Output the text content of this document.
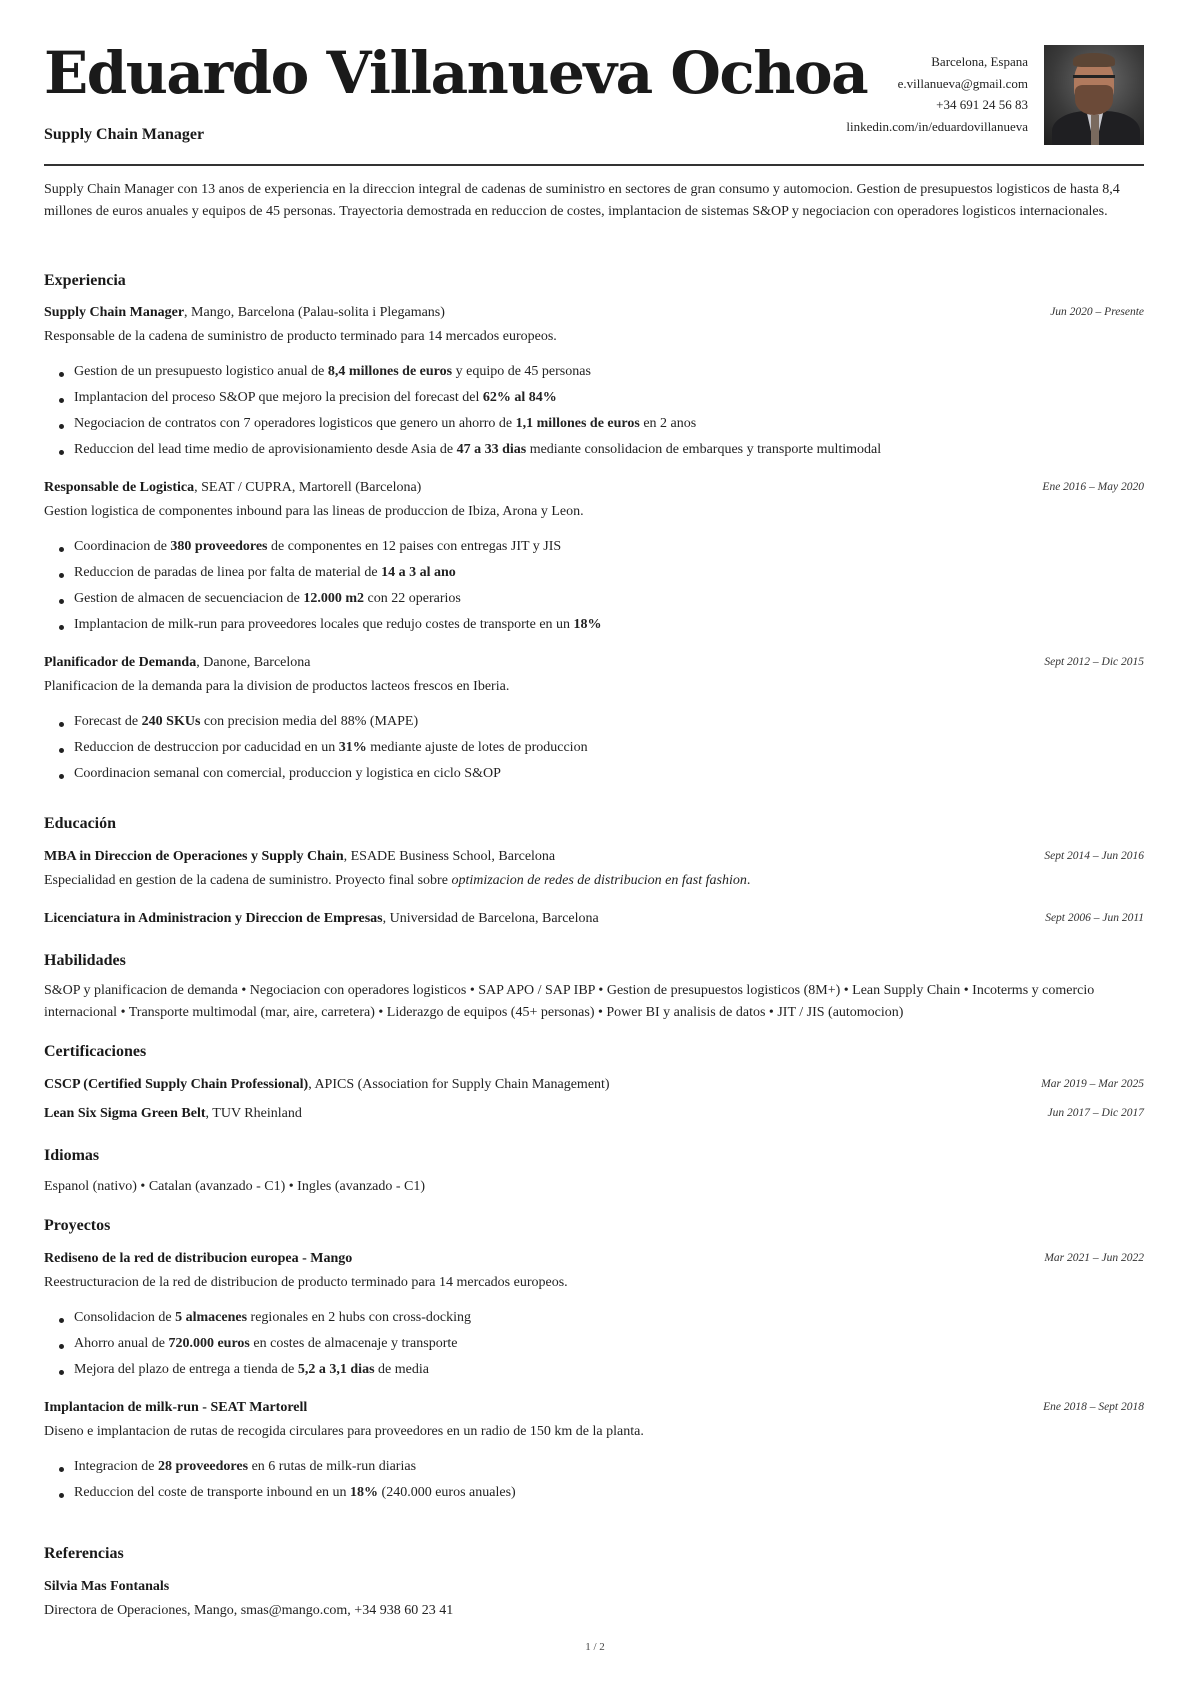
Eduardo Villanueva Ochoa
Supply Chain Manager
Barcelona, Espana
e.villanueva@gmail.com
+34 691 24 56 83
linkedin.com/in/eduardovillanueva
Supply Chain Manager con 13 anos de experiencia en la direccion integral de cadenas de suministro en sectores de gran consumo y automocion. Gestion de presupuestos logisticos de hasta 8,4 millones de euros anuales y equipos de 45 personas. Trayectoria demostrada en reduccion de costes, implantacion de sistemas S&OP y negociacion con operadores logisticos internacionales.
Experiencia
Supply Chain Manager, Mango, Barcelona (Palau-solita i Plegamans)	Jun 2020 – Presente
Responsable de la cadena de suministro de producto terminado para 14 mercados europeos.
Gestion de un presupuesto logistico anual de 8,4 millones de euros y equipo de 45 personas
Implantacion del proceso S&OP que mejoro la precision del forecast del 62% al 84%
Negociacion de contratos con 7 operadores logisticos que genero un ahorro de 1,1 millones de euros en 2 anos
Reduccion del lead time medio de aprovisionamiento desde Asia de 47 a 33 dias mediante consolidacion de embarques y transporte multimodal
Responsable de Logistica, SEAT / CUPRA, Martorell (Barcelona)	Ene 2016 – May 2020
Gestion logistica de componentes inbound para las lineas de produccion de Ibiza, Arona y Leon.
Coordinacion de 380 proveedores de componentes en 12 paises con entregas JIT y JIS
Reduccion de paradas de linea por falta de material de 14 a 3 al ano
Gestion de almacen de secuenciacion de 12.000 m2 con 22 operarios
Implantacion de milk-run para proveedores locales que redujo costes de transporte en un 18%
Planificador de Demanda, Danone, Barcelona	Sept 2012 – Dic 2015
Planificacion de la demanda para la division de productos lacteos frescos en Iberia.
Forecast de 240 SKUs con precision media del 88% (MAPE)
Reduccion de destruccion por caducidad en un 31% mediante ajuste de lotes de produccion
Coordinacion semanal con comercial, produccion y logistica en ciclo S&OP
Educación
MBA in Direccion de Operaciones y Supply Chain, ESADE Business School, Barcelona	Sept 2014 – Jun 2016
Especialidad en gestion de la cadena de suministro. Proyecto final sobre optimizacion de redes de distribucion en fast fashion.
Licenciatura in Administracion y Direccion de Empresas, Universidad de Barcelona, Barcelona	Sept 2006 – Jun 2011
Habilidades
S&OP y planificacion de demanda • Negociacion con operadores logisticos • SAP APO / SAP IBP • Gestion de presupuestos logisticos (8M+) • Lean Supply Chain • Incoterms y comercio internacional • Transporte multimodal (mar, aire, carretera) • Liderazgo de equipos (45+ personas) • Power BI y analisis de datos • JIT / JIS (automocion)
Certificaciones
CSCP (Certified Supply Chain Professional), APICS (Association for Supply Chain Management)	Mar 2019 – Mar 2025
Lean Six Sigma Green Belt, TUV Rheinland	Jun 2017 – Dic 2017
Idiomas
Espanol (nativo) • Catalan (avanzado - C1) • Ingles (avanzado - C1)
Proyectos
Rediseno de la red de distribucion europea - Mango	Mar 2021 – Jun 2022
Reestructuracion de la red de distribucion de producto terminado para 14 mercados europeos.
Consolidacion de 5 almacenes regionales en 2 hubs con cross-docking
Ahorro anual de 720.000 euros en costes de almacenaje y transporte
Mejora del plazo de entrega a tienda de 5,2 a 3,1 dias de media
Implantacion de milk-run - SEAT Martorell	Ene 2018 – Sept 2018
Diseno e implantacion de rutas de recogida circulares para proveedores en un radio de 150 km de la planta.
Integracion de 28 proveedores en 6 rutas de milk-run diarias
Reduccion del coste de transporte inbound en un 18% (240.000 euros anuales)
Referencias
Silvia Mas Fontanals
Directora de Operaciones, Mango, smas@mango.com, +34 938 60 23 41
1 / 2
